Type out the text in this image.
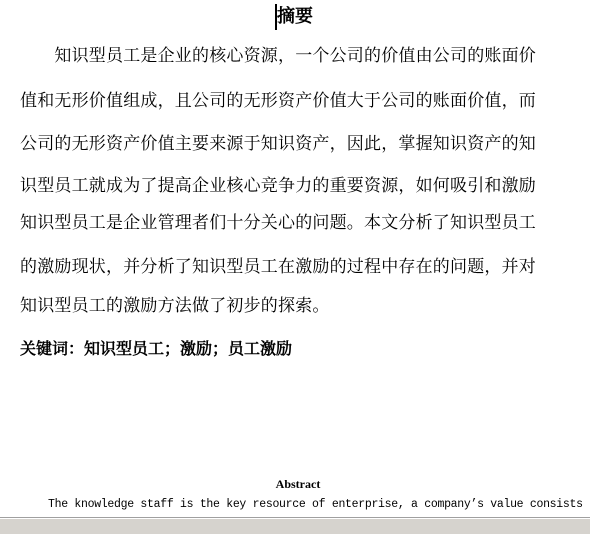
摘要
　　知识型员工是企业的核心资源，一个公司的价值由公司的账面价
值和无形价值组成，且公司的无形资产价值大于公司的账面价值，而
公司的无形资产价值主要来源于知识资产，因此，掌握知识资产的知
识型员工就成为了提高企业核心竞争力的重要资源，如何吸引和激励
知识型员工是企业管理者们十分关心的问题。本文分析了知识型员工
的激励现状，并分析了知识型员工在激励的过程中存在的问题，并对
知识型员工的激励方法做了初步的探索。
关键词：知识型员工；激励；员工激励
Abstract
The knowledge staff is the key resource of enterprise, a company’s value consists
